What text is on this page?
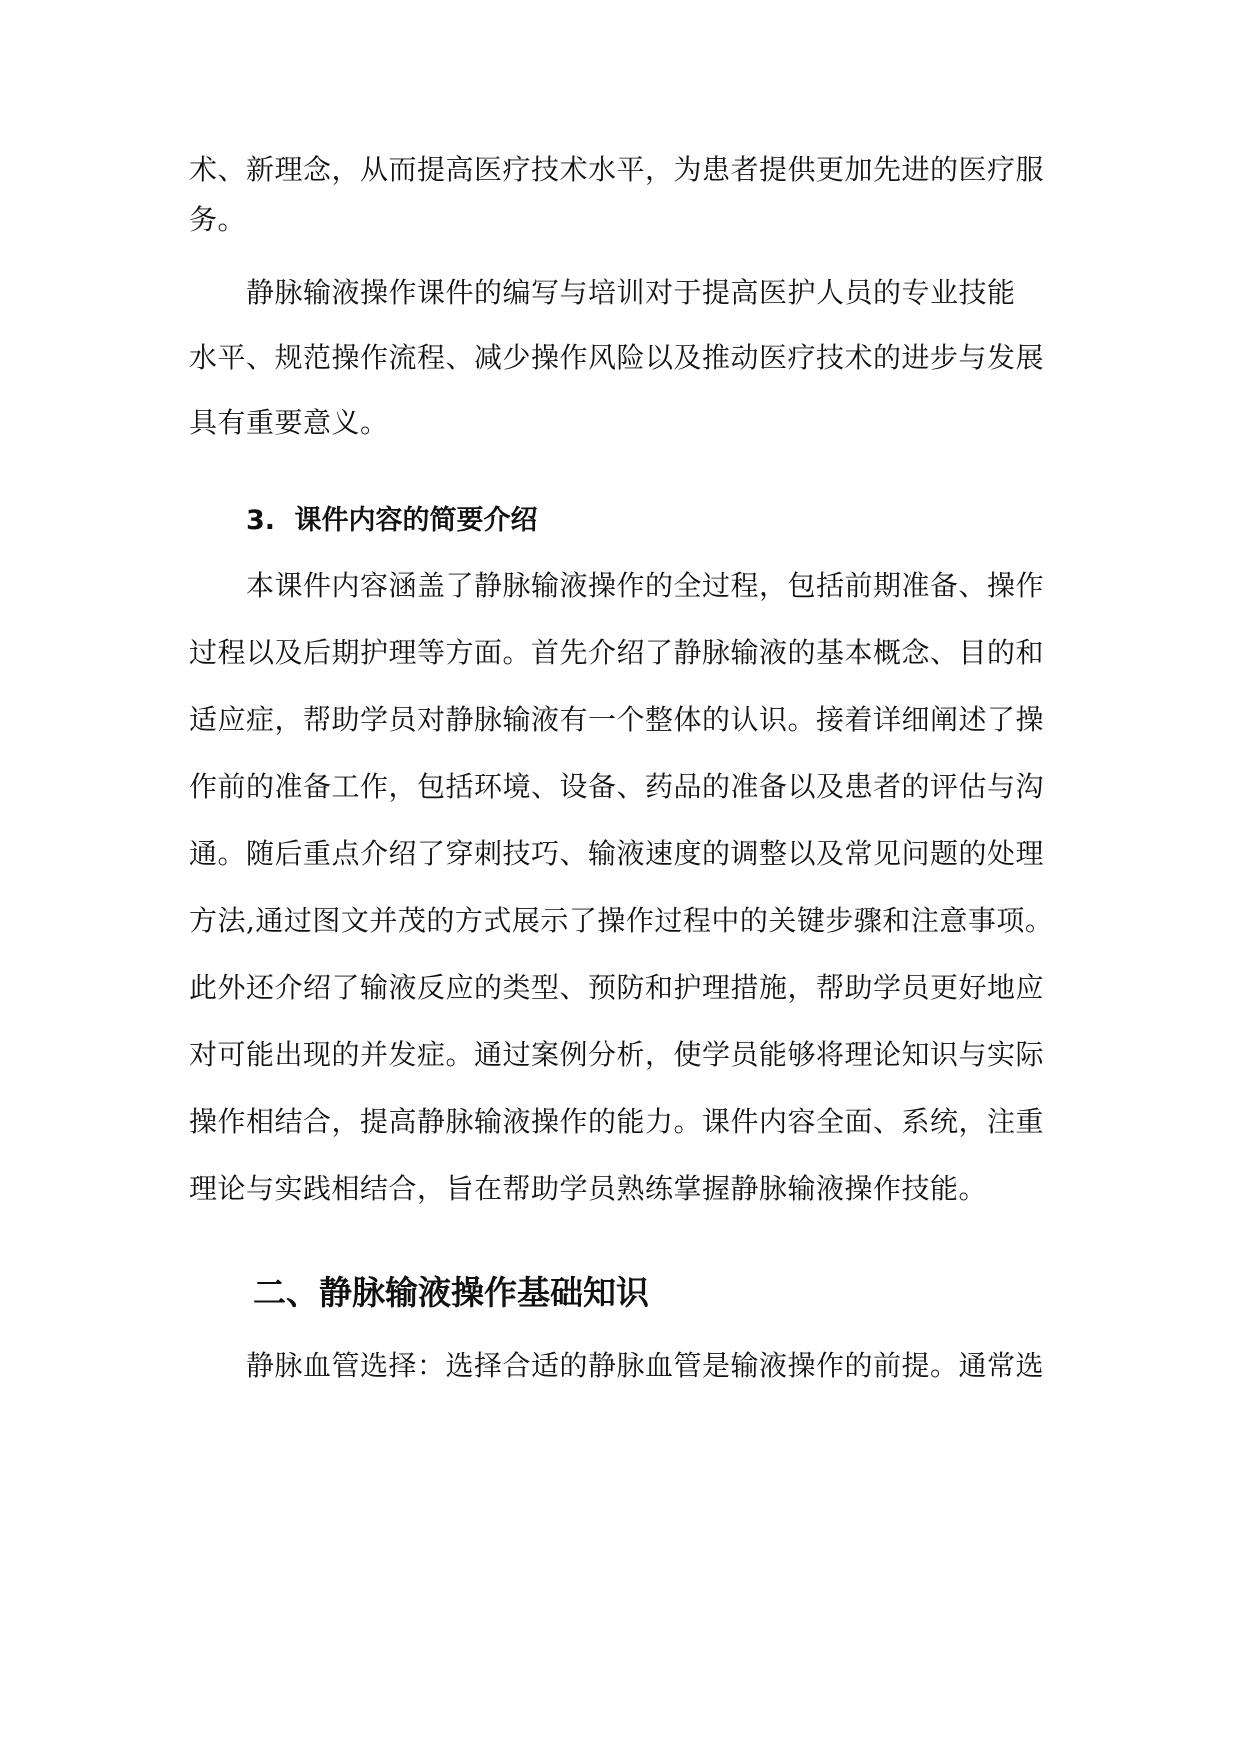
术、新理念，从而提高医疗技术水平，为患者提供更加先进的医疗服
务。
静脉输液操作课件的编写与培训对于提高医护人员的专业技能
水平、规范操作流程、减少操作风险以及推动医疗技术的进步与发展
具有重要意义。
3. 课件内容的简要介绍
本课件内容涵盖了静脉输液操作的全过程，包括前期准备、操作
过程以及后期护理等方面。首先介绍了静脉输液的基本概念、目的和
适应症，帮助学员对静脉输液有一个整体的认识。接着详细阐述了操
作前的准备工作，包括环境、设备、药品的准备以及患者的评估与沟
通。随后重点介绍了穿刺技巧、输液速度的调整以及常见问题的处理
方法,通过图文并茂的方式展示了操作过程中的关键步骤和注意事项。
此外还介绍了输液反应的类型、预防和护理措施，帮助学员更好地应
对可能出现的并发症。通过案例分析，使学员能够将理论知识与实际
操作相结合，提高静脉输液操作的能力。课件内容全面、系统，注重
理论与实践相结合，旨在帮助学员熟练掌握静脉输液操作技能。
二、静脉输液操作基础知识
静脉血管选择：选择合适的静脉血管是输液操作的前提。通常选
